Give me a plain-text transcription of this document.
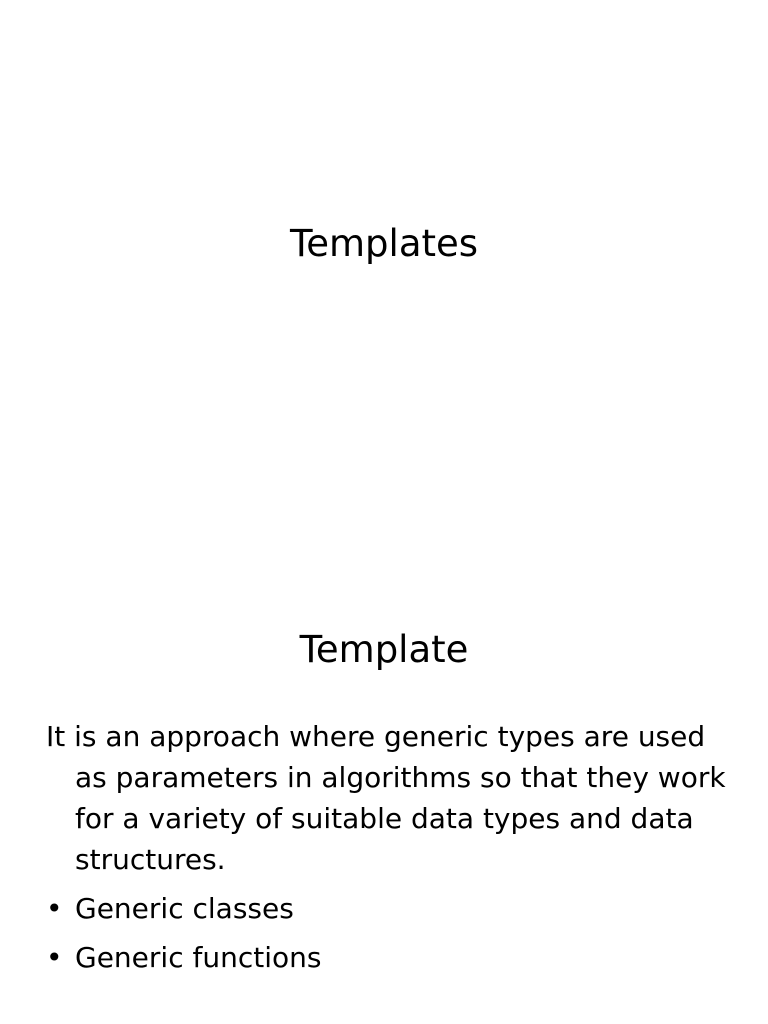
Templates
Template

It is an approach where generic types are used as parameters in algorithms so that they work for a variety of suitable data types and data structures.

• Generic classes
• Generic functions
